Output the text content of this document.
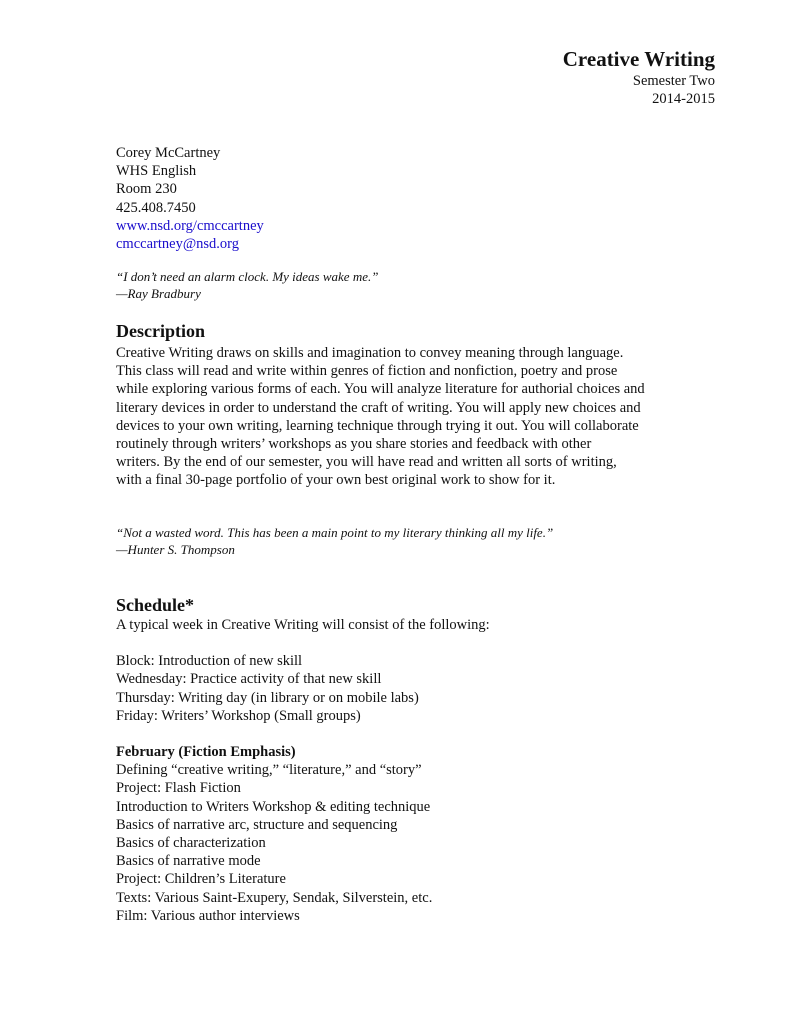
Creative Writing
Semester Two
2014-2015
Corey McCartney
WHS English
Room 230
425.408.7450
www.nsd.org/cmccartney
cmccartney@nsd.org
“I don’t need an alarm clock. My ideas wake me.”
—Ray Bradbury
Description
Creative Writing draws on skills and imagination to convey meaning through language.
This class will read and write within genres of fiction and nonfiction, poetry and prose
while exploring various forms of each. You will analyze literature for authorial choices and
literary devices in order to understand the craft of writing. You will apply new choices and
devices to your own writing, learning technique through trying it out. You will collaborate
routinely through writers’ workshops as you share stories and feedback with other
writers. By the end of our semester, you will have read and written all sorts of writing,
with a final 30-page portfolio of your own best original work to show for it.
“Not a wasted word. This has been a main point to my literary thinking all my life.”
—Hunter S. Thompson
Schedule*
A typical week in Creative Writing will consist of the following:
Block: Introduction of new skill
Wednesday: Practice activity of that new skill
Thursday: Writing day (in library or on mobile labs)
Friday: Writers’ Workshop (Small groups)
February (Fiction Emphasis)
Defining “creative writing,” “literature,” and “story”
Project: Flash Fiction
Introduction to Writers Workshop & editing technique
Basics of narrative arc, structure and sequencing
Basics of characterization
Basics of narrative mode
Project: Children’s Literature
Texts: Various Saint-Exupery, Sendak, Silverstein, etc.
Film: Various author interviews
